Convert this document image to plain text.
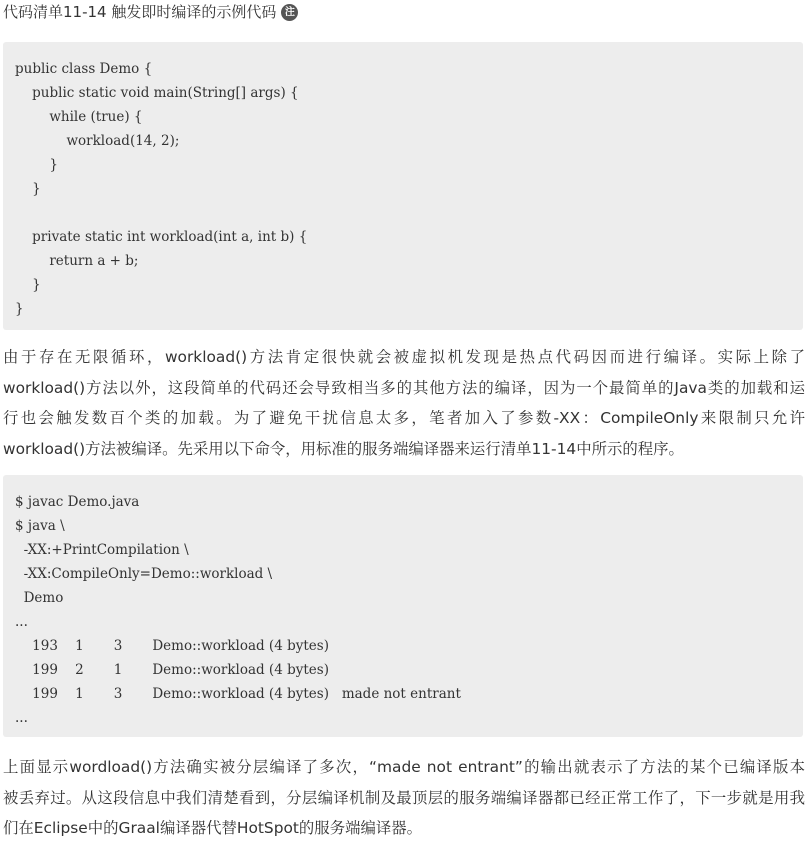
代码清单11-14 触发即时编译的示例代码 注
public class Demo {
public static void main(String[] args) {
while (true) {
workload(14, 2);
}
}
private static int workload(int a, int b) {
return a + b;
}
}
由于存在无限循环，workload()方法肯定很快就会被虚拟机发现是热点代码因而进行编译。实际上除了
workload()方法以外，这段简单的代码还会导致相当多的其他方法的编译，因为一个最简单的Java类的加载和运
行也会触发数百个类的加载。为了避免干扰信息太多，笔者加入了参数-XX：CompileOnly来限制只允许
workload()方法被编译。先采用以下命令，用标准的服务端编译器来运行清单11-14中所示的程序。
$ javac Demo.java
$ java \
-XX:+PrintCompilation \
-XX:CompileOnly=Demo::workload \
Demo
...
193    1       3       Demo::workload (4 bytes)
199    2       1       Demo::workload (4 bytes)
199    1       3       Demo::workload (4 bytes)   made not entrant
...
上面显示wordload()方法确实被分层编译了多次，“made not entrant”的输出就表示了方法的某个已编译版本
被丢弃过。从这段信息中我们清楚看到，分层编译机制及最顶层的服务端编译器都已经正常工作了，下一步就是用我
们在Eclipse中的Graal编译器代替HotSpot的服务端编译器。
